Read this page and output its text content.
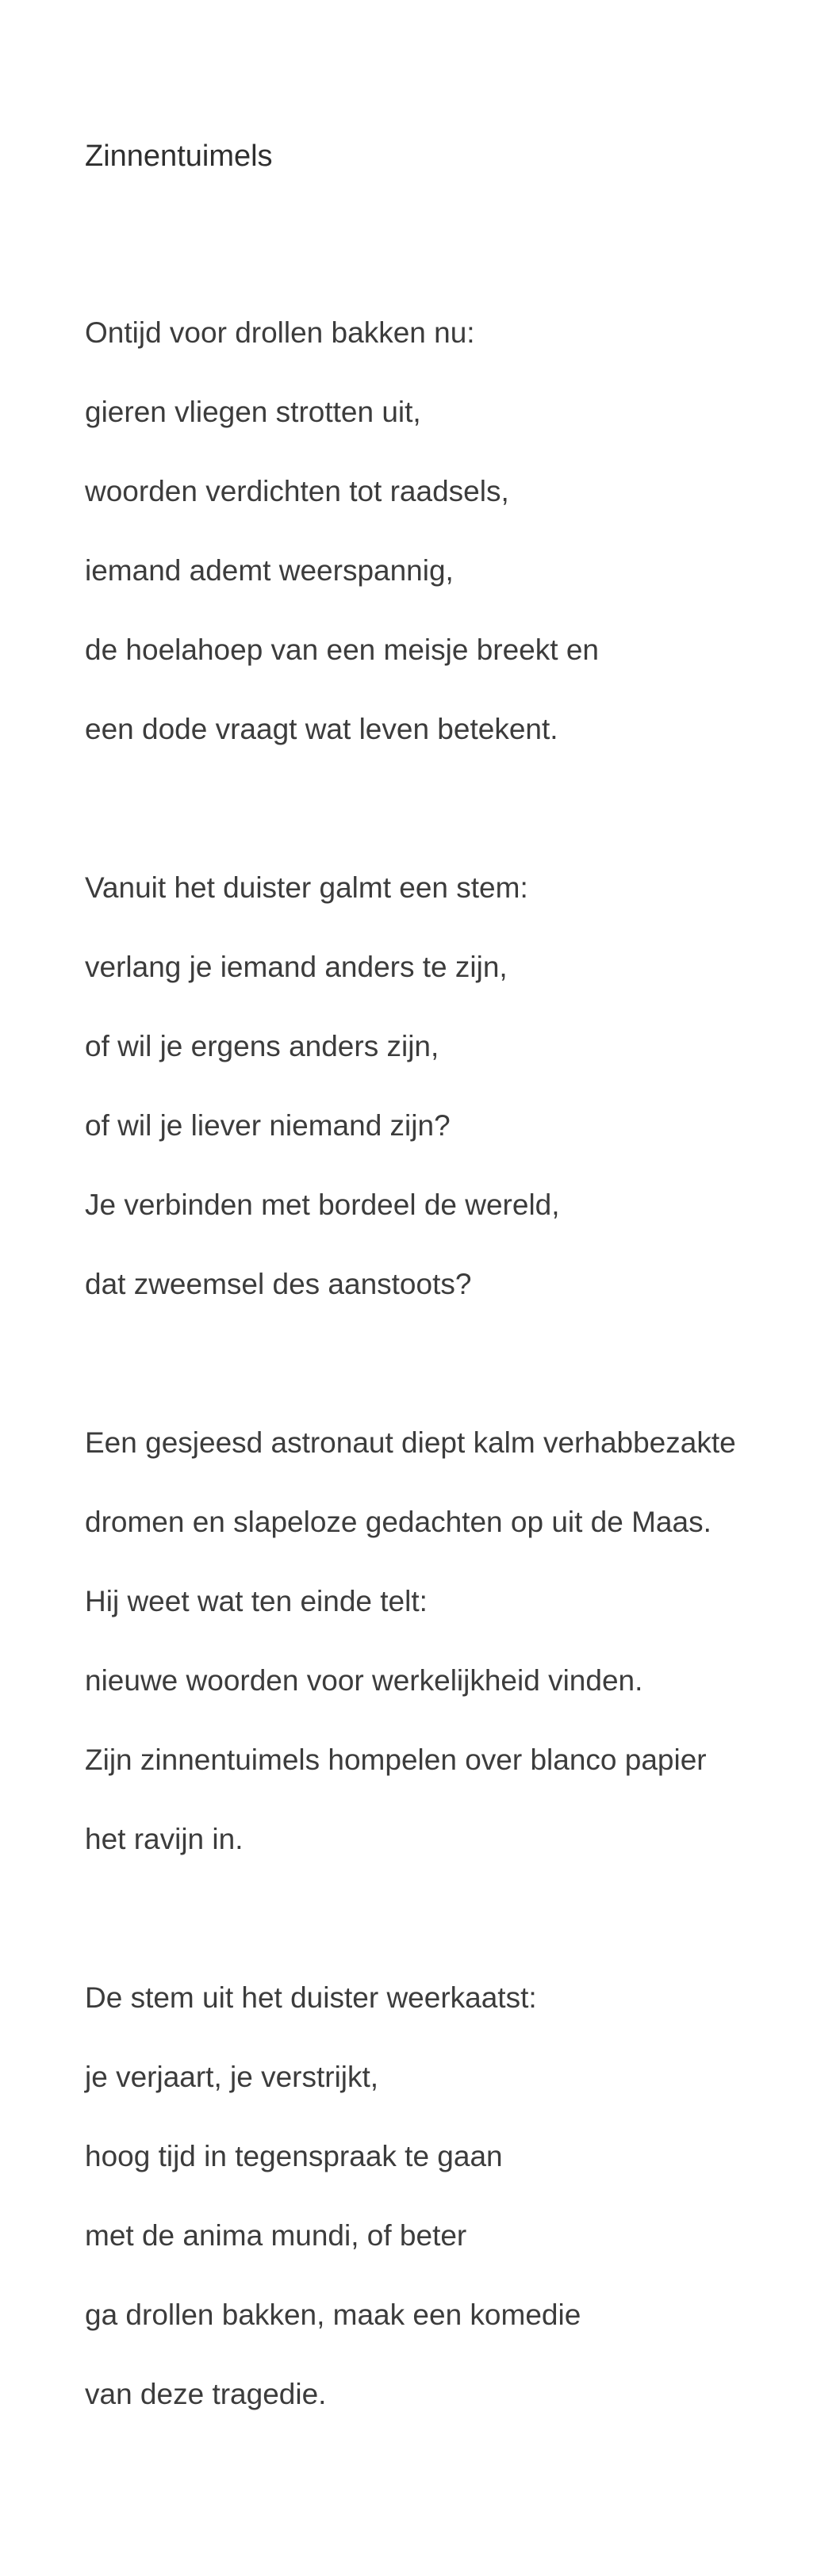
Zinnentuimels
Ontijd voor drollen bakken nu:
gieren vliegen strotten uit,
woorden verdichten tot raadsels,
iemand ademt weerspannig,
de hoelahoep van een meisje breekt en
een dode vraagt wat leven betekent.
Vanuit het duister galmt een stem:
verlang je iemand anders te zijn,
of wil je ergens anders zijn,
of wil je liever niemand zijn?
Je verbinden met bordeel de wereld,
dat zweemsel des aanstoots?
Een gesjeesd astronaut diept kalm verhabbezakte
dromen en slapeloze gedachten op uit de Maas.
Hij weet wat ten einde telt:
nieuwe woorden voor werkelijkheid vinden.
Zijn zinnentuimels hompelen over blanco papier
het ravijn in.
De stem uit het duister weerkaatst:
je verjaart, je verstrijkt,
hoog tijd in tegenspraak te gaan
met de anima mundi, of beter
ga drollen bakken, maak een komedie
van deze tragedie.
